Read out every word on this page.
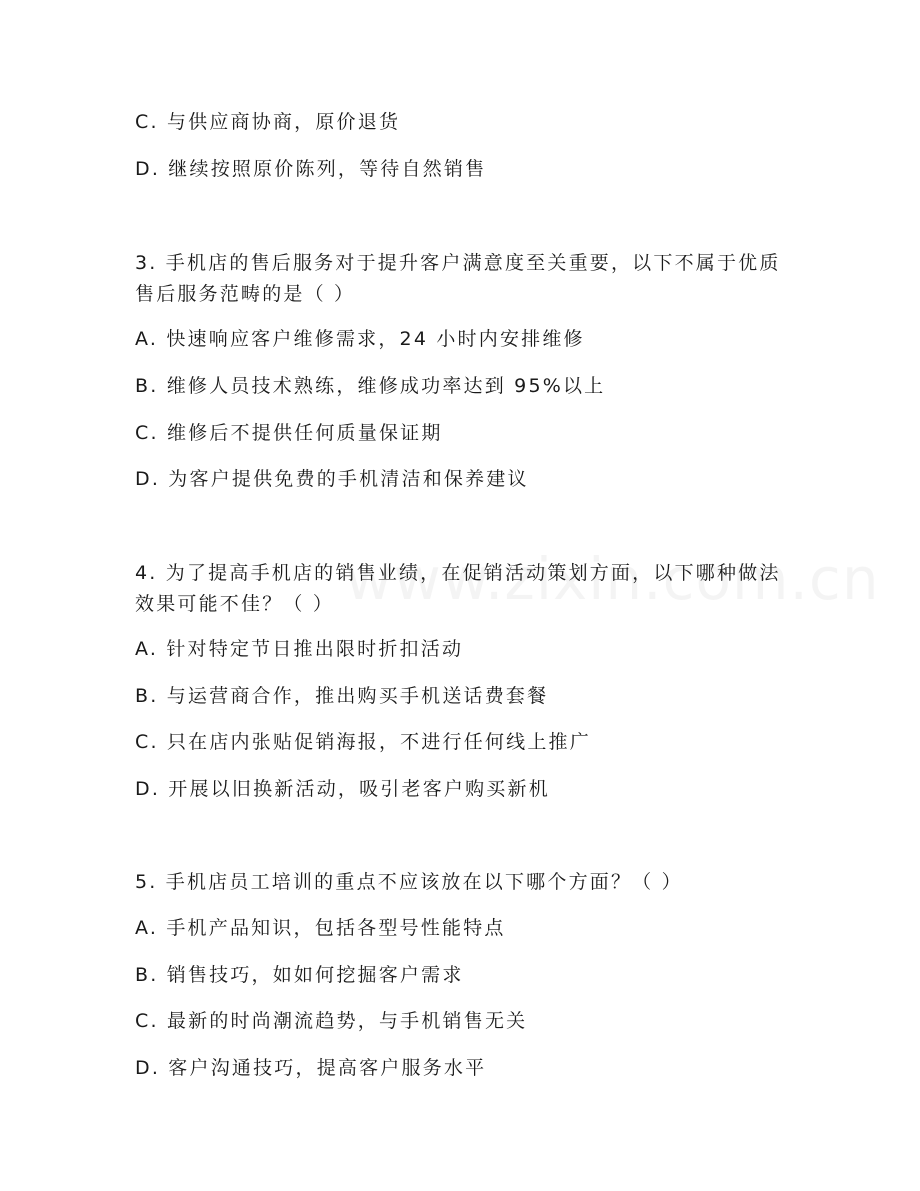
C. 与供应商协商，原价退货
D. 继续按照原价陈列，等待自然销售
3. 手机店的售后服务对于提升客户满意度至关重要，以下不属于优质
售后服务范畴的是（ ）
A. 快速响应客户维修需求，24 小时内安排维修
B. 维修人员技术熟练，维修成功率达到 95%以上
C. 维修后不提供任何质量保证期
D. 为客户提供免费的手机清洁和保养建议
4. 为了提高手机店的销售业绩，在促销活动策划方面，以下哪种做法
效果可能不佳？（ ）
A. 针对特定节日推出限时折扣活动
B. 与运营商合作，推出购买手机送话费套餐
C. 只在店内张贴促销海报，不进行任何线上推广
D. 开展以旧换新活动，吸引老客户购买新机
5. 手机店员工培训的重点不应该放在以下哪个方面？（ ）
A. 手机产品知识，包括各型号性能特点
B. 销售技巧，如如何挖掘客户需求
C. 最新的时尚潮流趋势，与手机销售无关
D. 客户沟通技巧，提高客户服务水平
